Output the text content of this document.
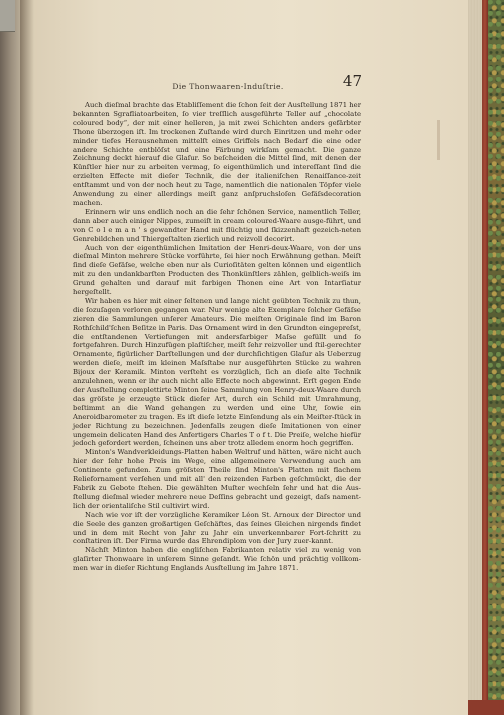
Die Thonwaaren-Induſtrie.	47

Auch dieſmal brachte das Etabliſſement die ſchon ſeit der Ausſtellung 1871 her bekannten Sgrafliatoarbeiten, ſo vier treſſlich ausgeführte Teller auf „chocolate coloured body“, der mit einer helleren, ja mit zwei Schichten anders gefärbter Thone überzogen iſt. Im trockenen Zuſtande wird durch Einritzen und mehr oder minder tiefes Herausnehmen mittelſt eines Griffels nach Bedarf die eine oder andere Schichte entblöſst und eine Färbung wirkſam gemacht. Die ganze Zeichnung deckt hierauf die Glaſur. So beſcheiden die Mittel ſind, mit denen der Künſtler hier nur zu arbeiten vermag, ſo eigenthümlich und intereſſant ſind die erzielten Effecte mit dieſer Technik, die der italieniſchen Renaiſſance-zeit entſtammt und von der noch heut zu Tage, namentlich die nationalen Töpfer viele Anwendung zu einer allerdings meiſt ganz anſpruchsloſen Gefäſsdecoration machen.

Erinnern wir uns endlich noch an die ſehr ſchönen Service, namentlich Teller, dann aber auch einiger Nippes, zumeiſt in cream coloured-Waare ausge-führt, und von C o l e m a n ' s gewandter Hand mit flüchtig und ſkizzenhaft gezeich-neten Genrebildchen und Thiergeſtalten zierlich und reizvoll decorirt.

Auch von der eigenthümlichen Imitation der Henri-deux-Waare, von der uns dieſmal Minton mehrere Stücke vorführte, ſei hier noch Erwähnung gethan. Meiſt ſind dieſe Gefäſse, welche eben nur als Curioſitäten gelten können und eigentlich mit zu den undankbarſten Producten des Thonkünſtlers zählen, gelblich-weiſs im Grund gehalten und darauf mit farbigen Thonen eine Art von Intarſiatur hergeſtellt.

Wir haben es hier mit einer ſeltenen und lange nicht geübten Technik zu thun, die ſozuſagen verloren gegangen war. Nur wenige alte Exemplare ſolcher Gefäſse zieren die Sammlungen unſerer Amateurs. Die meiſten Originale ſind im Baron Rothſchild'ſchen Beſitze in Paris. Das Ornament wird in den Grundton eingepreſst, die entſtandenen Vertiefungen mit andersfarbiger Maſse gefüllt und ſo fortgefahren. Durch Hinzufügen plaſtiſcher, meiſt ſehr reizvoller und ſtil-gerechter Ornamente, figürlicher Darſtellungen und der durchſichtigen Glaſur als Ueberzug werden dieſe, meiſt im kleinen Maſsſtabe nur ausgeführten Stücke zu wahren Bijoux der Keramik. Minton verſteht es vorzüglich, ſich an dieſe alte Technik anzulehnen, wenn er ihr auch nicht alle Effecte noch abgewinnt. Erſt gegen Ende der Ausſtellung complettirte Minton ſeine Sammlung von Henry-deux-Waare durch das gröſste je erzeugte Stück dieſer Art, durch ein Schild mit Umrahmung, beſtimmt an die Wand gehangen zu werden und eine Uhr, ſowie ein Aneroidbarometer zu tragen. Es iſt dieſe letzte Einſendung als ein Meiſter-ſtück in jeder Richtung zu bezeichnen. Jedenfalls zeugen dieſe Imitationen von einer ungemein delicaten Hand des Anfertigers Charles T o f t. Die Preiſe, welche hiefür jedoch gefordert werden, ſcheinen uns aber trotz alledem enorm hoch gegriffen.

Minton's Wandverkleidungs-Platten haben Weltruf und hätten, wäre nicht auch hier der ſehr hohe Preis im Wege, eine allgemeinere Verwendung auch am Continente gefunden. Zum gröſsten Theile ſind Minton's Platten mit flachem Reliefornament verſehen und mit all' den reizenden Farben geſchmückt, die der Fabrik zu Gebote ſtehen. Die gewählten Muſter wechſeln ſehr und hat die Aus-ſtellung dieſmal wieder mehrere neue Deſſins gebracht und gezeigt, daſs nament-lich der orientaliſche Stil cultivirt wird.

Nach wie vor iſt der vorzügliche Keramiker Léon St. Arnoux der Director und die Seele des ganzen großartigen Geſchäftes, das ſeines Gleichen nirgends findet und in dem mit Recht von Jahr zu Jahr ein unverkennbarer Fort-ſchritt zu conſtatiren iſt. Der Firma wurde das Ehrendiplom von der Jury zuer-kannt.

Nächſt Minton haben die engliſchen Fabrikanten relativ viel zu wenig von glaſirter Thonwaare in unſerem Sinne geſandt. Wie ſchön und prächtig vollkom-men war in dieſer Richtung Englands Ausſtellung im Jahre 1871.
